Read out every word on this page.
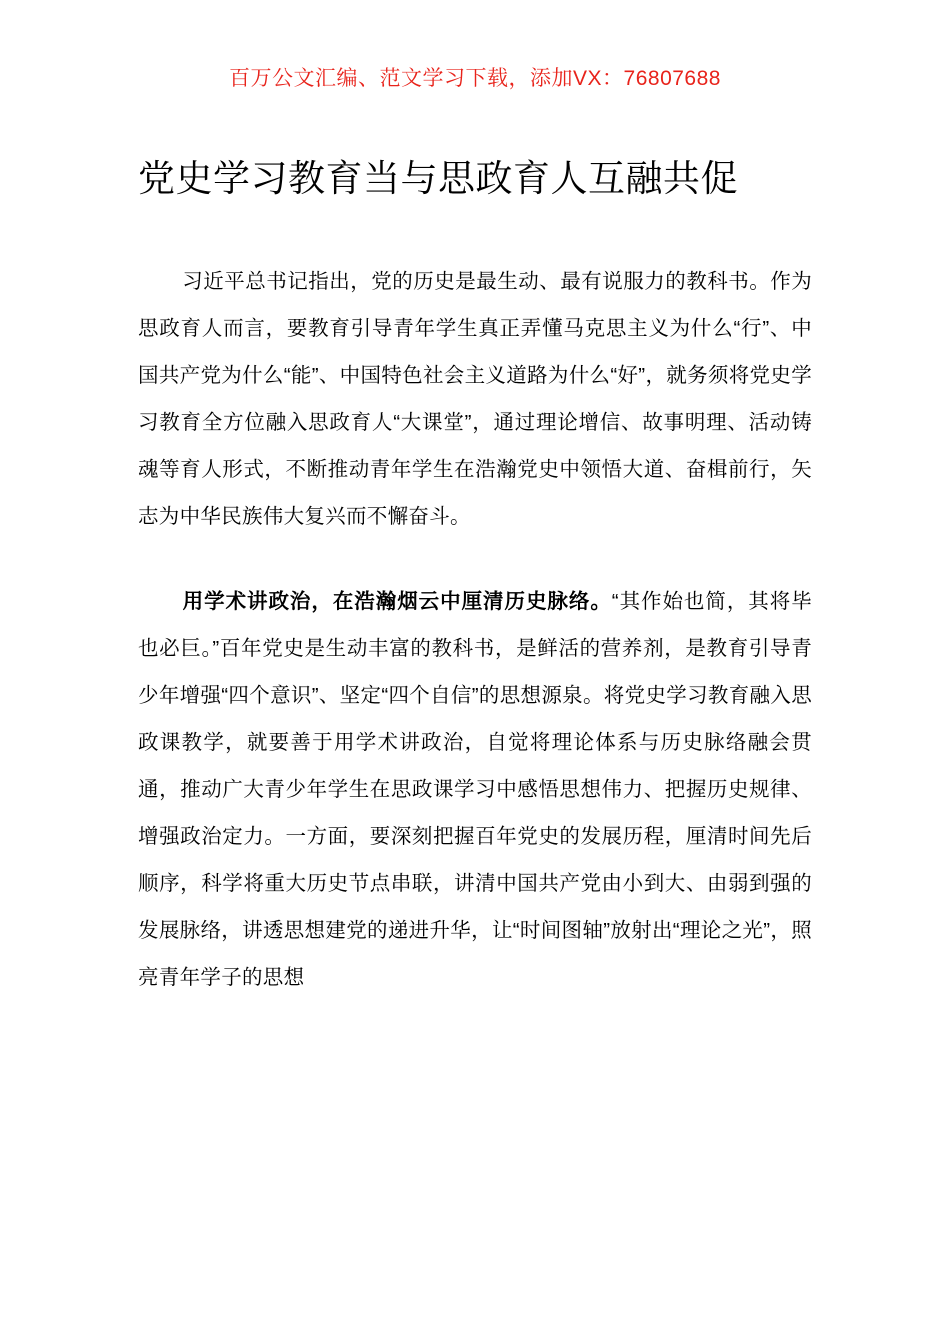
百万公文汇编、范文学习下载，添加VX：76807688
党史学习教育当与思政育人互融共促

习近平总书记指出，党的历史是最生动、最有说服力的教科书。作为思政育人而言，要教育引导青年学生真正弄懂马克思主义为什么“行”、中国共产党为什么“能”、中国特色社会主义道路为什么“好”，就务须将党史学习教育全方位融入思政育人“大课堂”，通过理论增信、故事明理、活动铸魂等育人形式，不断推动青年学生在浩瀚党史中领悟大道、奋楫前行，矢志为中华民族伟大复兴而不懈奋斗。

用学术讲政治，在浩瀚烟云中厘清历史脉络。“其作始也简，其将毕也必巨。”百年党史是生动丰富的教科书，是鲜活的营养剂，是教育引导青少年增强“四个意识”、坚定“四个自信”的思想源泉。将党史学习教育融入思政课教学，就要善于用学术讲政治，自觉将理论体系与历史脉络融会贯通，推动广大青少年学生在思政课学习中感悟思想伟力、把握历史规律、增强政治定力。一方面，要深刻把握百年党史的发展历程，厘清时间先后顺序，科学将重大历史节点串联，讲清中国共产党由小到大、由弱到强的发展脉络，讲透思想建党的递进升华，让“时间图轴”放射出“理论之光”，照亮青年学子的思想
